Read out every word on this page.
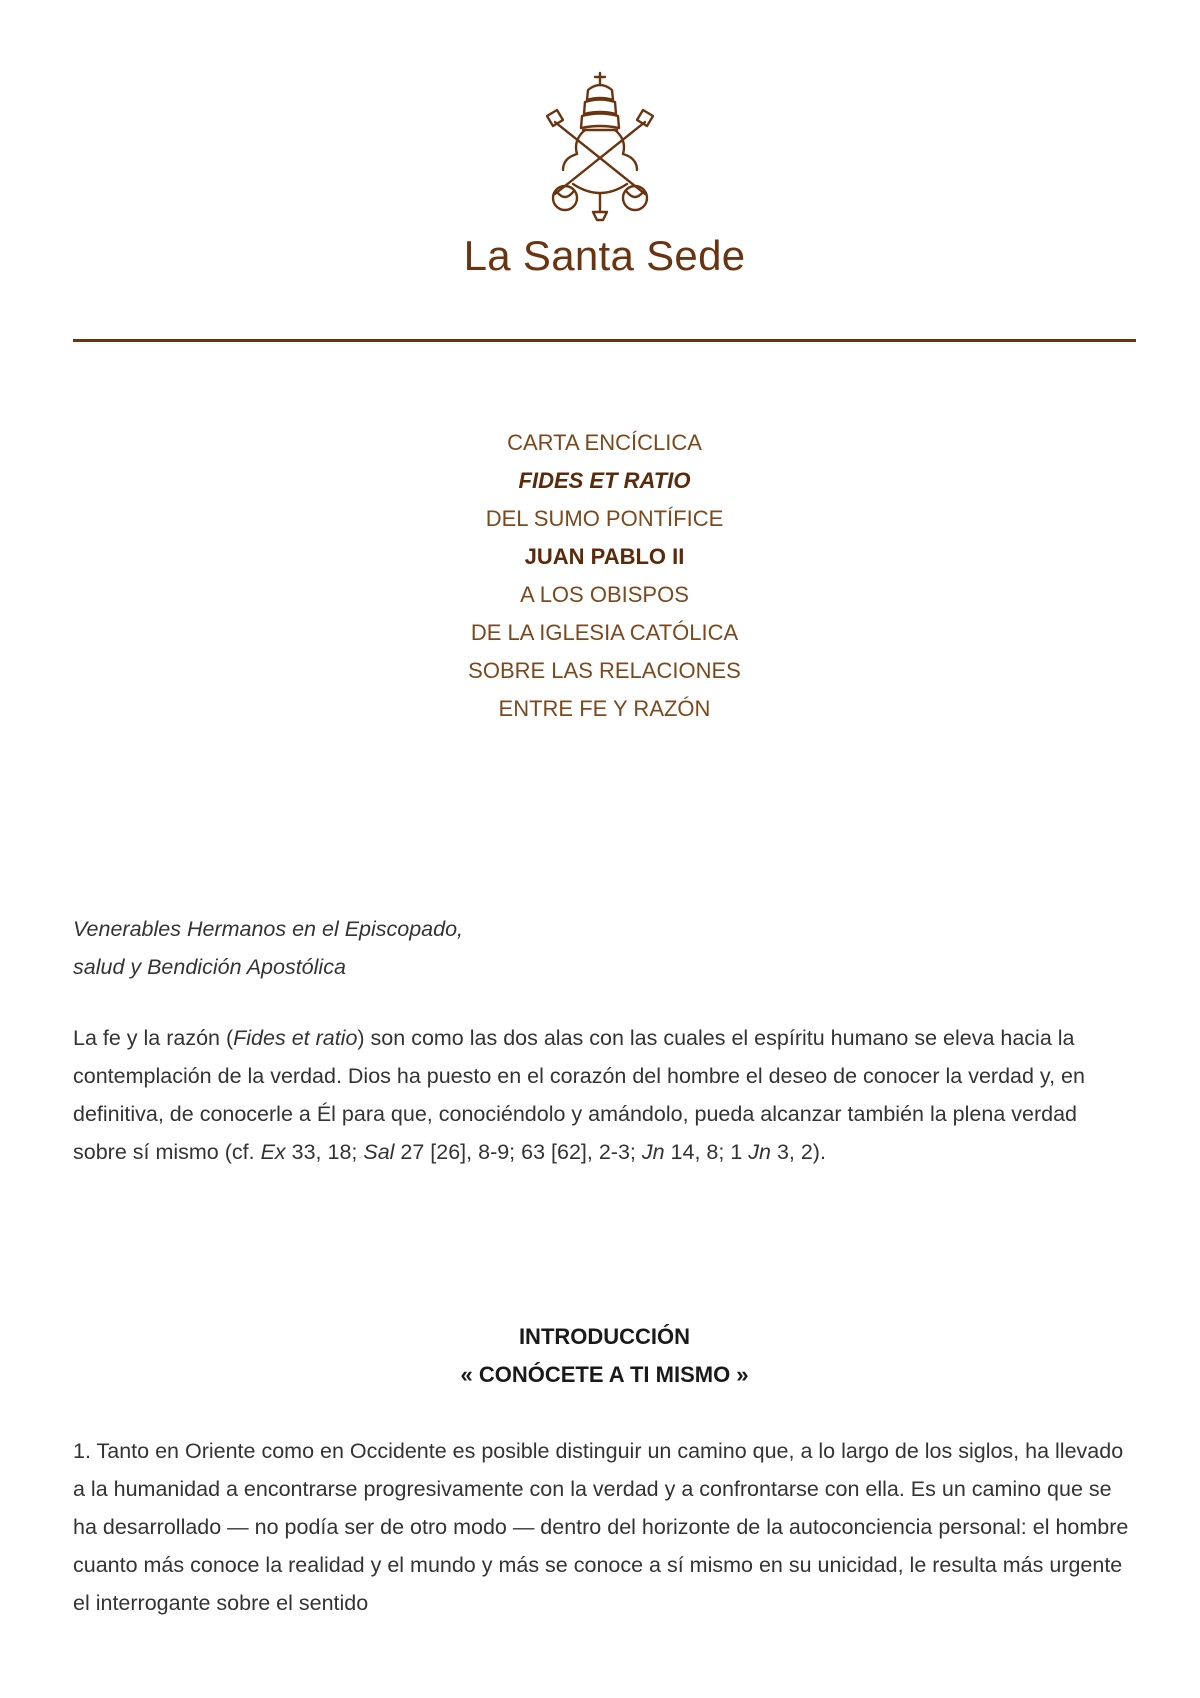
La Santa Sede
CARTA ENCÍCLICA
FIDES ET RATIO
DEL SUMO PONTÍFICE
JUAN PABLO II
A LOS OBISPOS
DE LA IGLESIA CATÓLICA
SOBRE LAS RELACIONES
ENTRE FE Y RAZÓN
Venerables Hermanos en el Episcopado,
salud y Bendición Apostólica

La fe y la razón (Fides et ratio) son como las dos alas con las cuales el espíritu humano se eleva hacia la contemplación de la verdad. Dios ha puesto en el corazón del hombre el deseo de conocer la verdad y, en definitiva, de conocerle a Él para que, conociéndolo y amándolo, pueda alcanzar también la plena verdad sobre sí mismo (cf. Ex 33, 18; Sal 27 [26], 8-9; 63 [62], 2-3; Jn 14, 8; 1 Jn 3, 2).

INTRODUCCIÓN
« CONÓCETE A TI MISMO »

1. Tanto en Oriente como en Occidente es posible distinguir un camino que, a lo largo de los siglos, ha llevado a la humanidad a encontrarse progresivamente con la verdad y a confrontarse con ella. Es un camino que se ha desarrollado — no podía ser de otro modo — dentro del horizonte de la autoconciencia personal: el hombre cuanto más conoce la realidad y el mundo y más se conoce a sí mismo en su unicidad, le resulta más urgente el interrogante sobre el sentido
